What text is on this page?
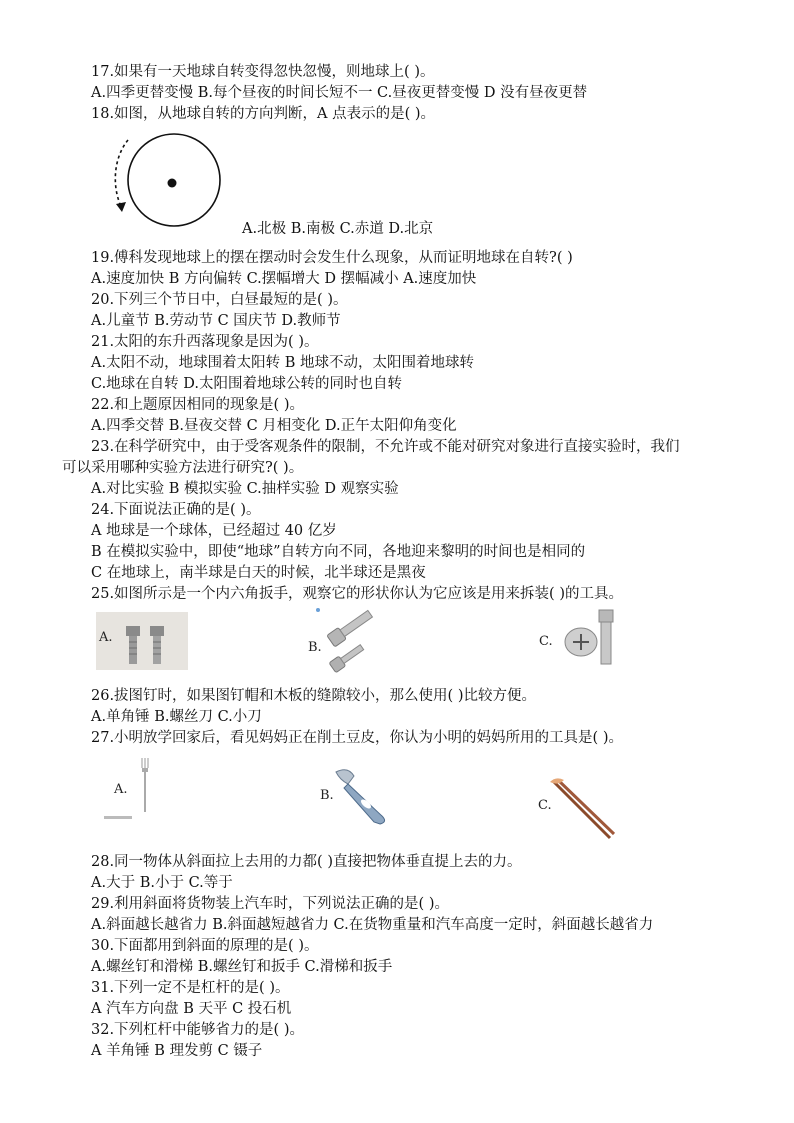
17.如果有一天地球自转变得忽快忽慢，则地球上( )。
A.四季更替变慢 B.每个昼夜的时间长短不一 C.昼夜更替变慢 D 没有昼夜更替
18.如图，从地球自转的方向判断，A 点表示的是( )。
A.北极 B.南极 C.赤道 D.北京
19.傅科发现地球上的摆在摆动时会发生什么现象，从而证明地球在自转?( )
A.速度加快 B 方向偏转 C.摆幅增大 D 摆幅减小 A.速度加快
20.下列三个节日中，白昼最短的是( )。
A.儿童节 B.劳动节 C 国庆节 D.教师节
21.太阳的东升西落现象是因为( )。
A.太阳不动，地球围着太阳转 B 地球不动，太阳围着地球转
C.地球在自转 D.太阳围着地球公转的同时也自转
22.和上题原因相同的现象是( )。
A.四季交替 B.昼夜交替 C 月相变化 D.正午太阳仰角变化
23.在科学研究中，由于受客观条件的限制，不允许或不能对研究对象进行直接实验时，我们
可以采用哪种实验方法进行研究?( )。
A.对比实验 B 模拟实验 C.抽样实验 D 观察实验
24.下面说法正确的是( )。
A 地球是一个球体，已经超过 40 亿岁
B 在模拟实验中，即使“地球”自转方向不同，各地迎来黎明的时间也是相同的
C 在地球上，南半球是白天的时候，北半球还是黑夜
25.如图所示是一个内六角扳手，观察它的形状你认为它应该是用来拆装( )的工具。
A.
B.	C.
26.拔图钉时，如果图钉帽和木板的缝隙较小，那么使用( )比较方便。
A.单角锤 B.螺丝刀 C.小刀
27.小明放学回家后，看见妈妈正在削土豆皮，你认为小明的妈妈所用的工具是( )。
A.	B.
C.
28.同一物体从斜面拉上去用的力都( )直接把物体垂直提上去的力。
A.大于 B.小于 C.等于
29.利用斜面将货物装上汽车时，下列说法正确的是( )。
A.斜面越长越省力 B.斜面越短越省力 C.在货物重量和汽车高度一定时，斜面越长越省力
30.下面都用到斜面的原理的是( )。
A.螺丝钉和滑梯 B.螺丝钉和扳手 C.滑梯和扳手
31.下列一定不是杠杆的是( )。
A 汽车方向盘 B 天平 C 投石机
32.下列杠杆中能够省力的是( )。
A 羊角锤 B 理发剪 C 镊子
